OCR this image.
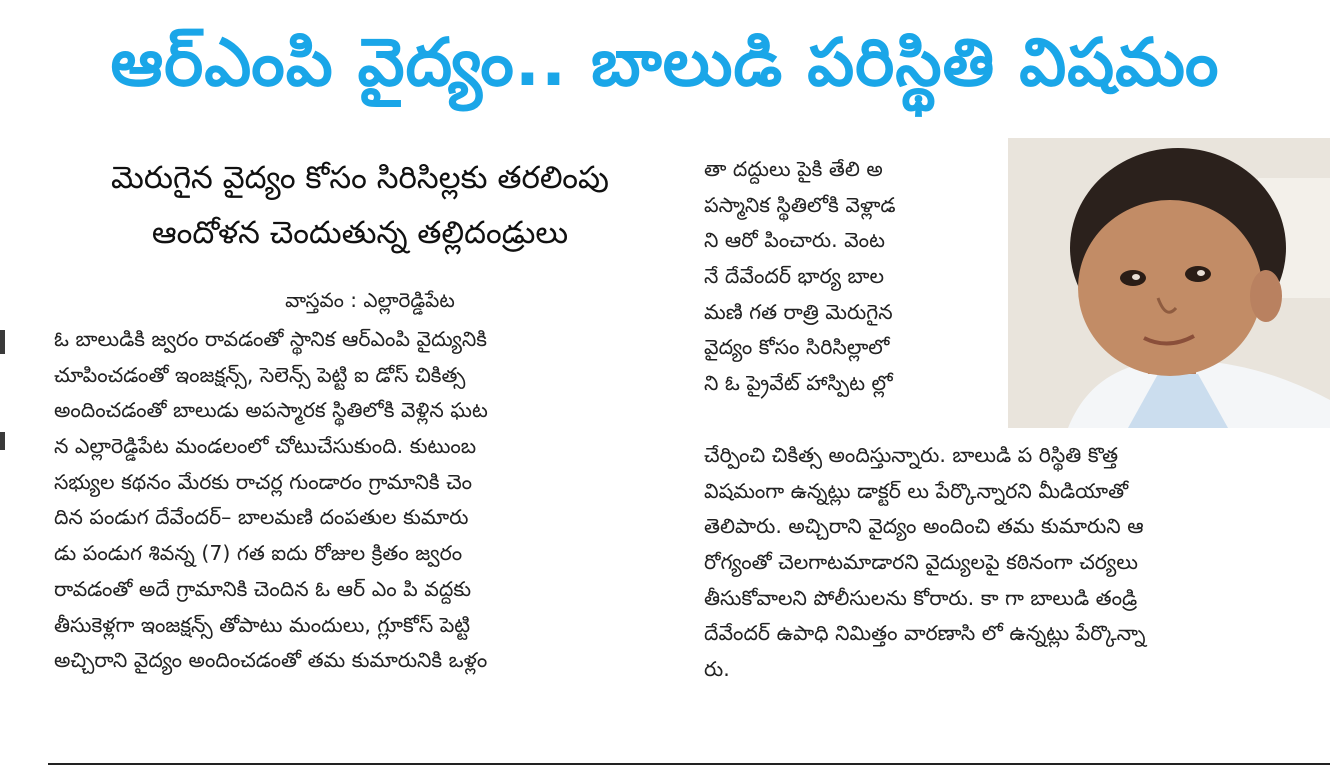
ఆర్‌ఎంపి వైద్యం.. బాలుడి పరిస్థితి విషమం
మెరుగైన వైద్యం కోసం సిరిసిల్లకు తరలింపు
ఆందోళన చెందుతున్న తల్లిదండ్రులు
వాస్తవం : ఎల్లారెడ్డిపేట
ఓ బాలుడికి జ్వరం రావడంతో స్థానిక ఆర్‌ఎంపి వైద్యునికి
చూపించడంతో ఇంజక్షన్స్, సెలెన్స్ పెట్టి ఐ డోస్ చికిత్స
అందించడంతో బాలుడు అపస్మారక స్థితిలోకి వెళ్లిన ఘట
న ఎల్లారెడ్డిపేట మండలంలో చోటుచేసుకుంది. కుటుంబ
సభ్యుల కథనం మేరకు రాచర్ల గుండారం గ్రామానికి చెం
దిన పండుగ దేవేందర్– బాలమణి దంపతుల కుమారు
డు పండుగ శివన్న (7) గత ఐదు రోజుల క్రితం జ్వరం
రావడంతో అదే గ్రామానికి చెందిన ఓ ఆర్ ఎం పి వద్దకు
తీసుకెళ్లగా ఇంజక్షన్స్ తోపాటు మందులు, గ్లూకోస్ పెట్టి
అచ్చిరాని వైద్యం అందించడంతో తమ కుమారునికి ఒళ్లం
తా దద్దులు పైకి తేలి అ
పస్మానిక స్థితిలోకి వెళ్లాడ
ని ఆరో పించారు. వెంట
నే దేవేందర్ భార్య బాల
మణి గత రాత్రి మెరుగైన
వైద్యం కోసం సిరిసిల్లాలో
ని ఓ ప్రైవేట్ హాస్పిట ల్లో
చేర్పించి చికిత్స అందిస్తున్నారు. బాలుడి ప రిస్థితి కొత్త
విషమంగా ఉన్నట్లు డాక్టర్ లు పేర్కొన్నారని మీడియాతో
తెలిపారు. అచ్చిరాని వైద్యం అందించి తమ కుమారుని ఆ
రోగ్యంతో చెలగాటమాడారని వైద్యులపై కఠినంగా చర్యలు
తీసుకోవాలని పోలీసులను కోరారు. కా గా బాలుడి తండ్రి
దేవేందర్ ఉపాధి నిమిత్తం వారణాసి లో ఉన్నట్లు పేర్కొన్నా
రు.
